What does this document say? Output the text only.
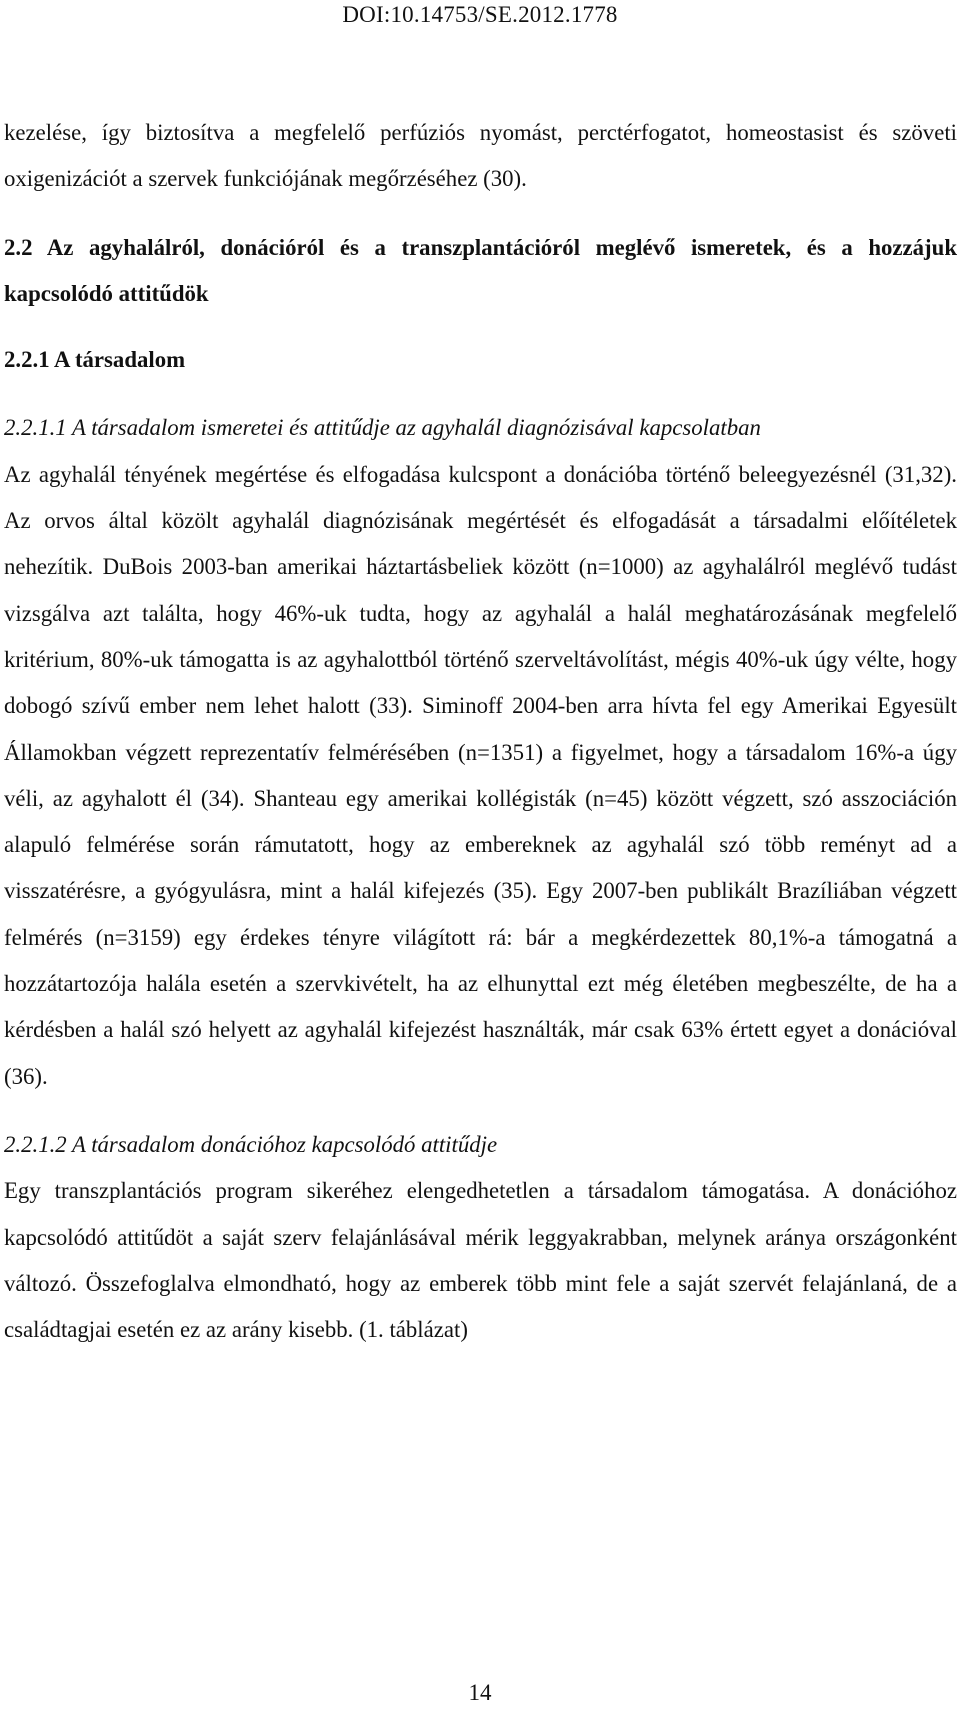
DOI:10.14753/SE.2012.1778

kezelése, így biztosítva a megfelelő perfúziós nyomást, perctérfogatot, homeostasist és szöveti oxigenizációt a szervek funkciójának megőrzéséhez (30).

2.2 Az agyhalálról, donációról és a transzplantációról meglévő ismeretek, és a hozzájuk kapcsolódó attitűdök

2.2.1 A társadalom

2.2.1.1 A társadalom ismeretei és attitűdje az agyhalál diagnózisával kapcsolatban

Az agyhalál tényének megértése és elfogadása kulcspont a donációba történő beleegyezésnél (31,32). Az orvos által közölt agyhalál diagnózisának megértését és elfogadását a társadalmi előítéletek nehezítik. DuBois 2003-ban amerikai háztartásbeliek között (n=1000) az agyhalálról meglévő tudást vizsgálva azt találta, hogy 46%-uk tudta, hogy az agyhalál a halál meghatározásának megfelelő kritérium, 80%-uk támogatta is az agyhalottból történő szerveltávolítást, mégis 40%-uk úgy vélte, hogy dobogó szívű ember nem lehet halott (33). Siminoff 2004-ben arra hívta fel egy Amerikai Egyesült Államokban végzett reprezentatív felmérésében (n=1351) a figyelmet, hogy a társadalom 16%-a úgy véli, az agyhalott él (34). Shanteau egy amerikai kollégisták (n=45) között végzett, szó asszociáción alapuló felmérése során rámutatott, hogy az embereknek az agyhalál szó több reményt ad a visszatérésre, a gyógyulásra, mint a halál kifejezés (35). Egy 2007-ben publikált Brazíliában végzett felmérés (n=3159) egy érdekes tényre világított rá: bár a megkérdezettek 80,1%-a támogatná a hozzátartozója halála esetén a szervkivételt, ha az elhunyttal ezt még életében megbeszélte, de ha a kérdésben a halál szó helyett az agyhalál kifejezést használták, már csak 63% értett egyet a donációval (36).

2.2.1.2 A társadalom donációhoz kapcsolódó attitűdje

Egy transzplantációs program sikeréhez elengedhetetlen a társadalom támogatása. A donációhoz kapcsolódó attitűdöt a saját szerv felajánlásával mérik leggyakrabban, melynek aránya országonként változó. Összefoglalva elmondható, hogy az emberek több mint fele a saját szervét felajánlaná, de a családtagjai esetén ez az arány kisebb. (1. táblázat)

14
